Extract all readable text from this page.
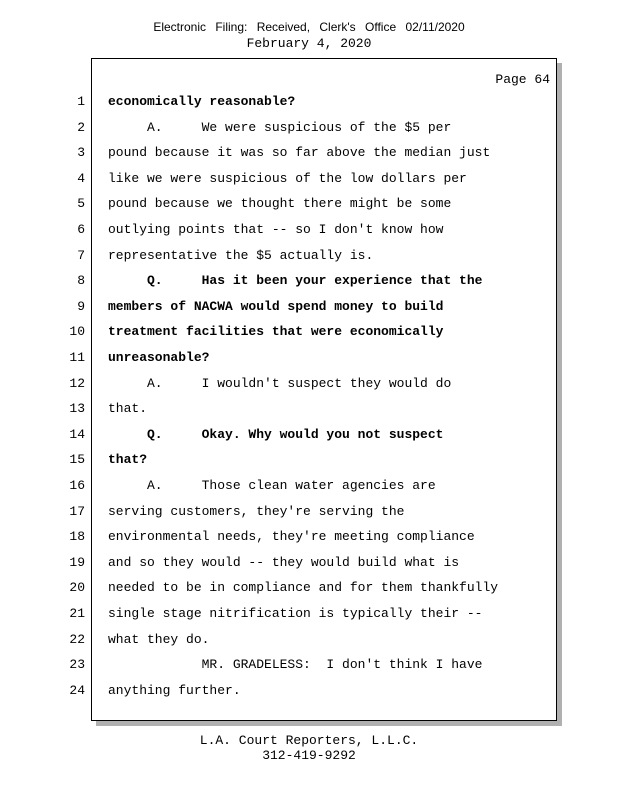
Electronic Filing: Received, Clerk's Office 02/11/2020
February 4, 2020
Page 64
1 economically reasonable?
2 A.     We were suspicious of the $5 per
3 pound because it was so far above the median just
4 like we were suspicious of the low dollars per
5 pound because we thought there might be some
6 outlying points that -- so I don't know how
7 representative the $5 actually is.
8 Q.     Has it been your experience that the
9 members of NACWA would spend money to build
10 treatment facilities that were economically
11 unreasonable?
12 A.     I wouldn't suspect they would do
13 that.
14 Q.     Okay. Why would you not suspect
15 that?
16 A.     Those clean water agencies are
17 serving customers, they're serving the
18 environmental needs, they're meeting compliance
19 and so they would -- they would build what is
20 needed to be in compliance and for them thankfully
21 single stage nitrification is typically their --
22 what they do.
23 MR. GRADELESS:  I don't think I have
24 anything further.
L.A. Court Reporters, L.L.C.
312-419-9292
